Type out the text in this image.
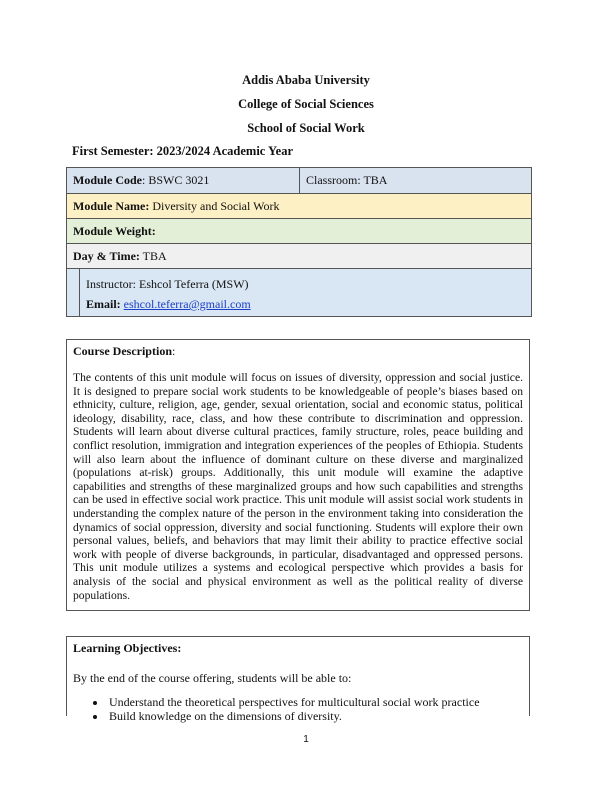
Addis Ababa University
College of Social Sciences
School of Social Work
First Semester: 2023/2024 Academic Year
Module Code : BSWC 3021	Classroom: TBA
Module Name: Diversity and Social Work
Module Weight:
Day & Time: TBA
Instructor: Eshcol Teferra (MSW)
Email: eshcol.teferra@gmail.com

Course Description:

The contents of this unit module will focus on issues of diversity, oppression and social justice. It is designed to prepare social work students to be knowledgeable of people’s biases based on ethnicity, culture, religion, age, gender, sexual orientation, social and economic status, political ideology, disability, race, class, and how these contribute to discrimination and oppression. Students will learn about diverse cultural practices, family structure, roles, peace building and conflict resolution, immigration and integration experiences of the peoples of Ethiopia. Students will also learn about the influence of dominant culture on these diverse and marginalized (populations at-risk) groups. Additionally, this unit module will examine the adaptive capabilities and strengths of these marginalized groups and how such capabilities and strengths can be used in effective social work practice. This unit module will assist social work students in understanding the complex nature of the person in the environment taking into consideration the dynamics of social oppression, diversity and social functioning. Students will explore their own personal values, beliefs, and behaviors that may limit their ability to practice effective social work with people of diverse backgrounds, in particular, disadvantaged and oppressed persons. This unit module utilizes a systems and ecological perspective which provides a basis for analysis of the social and physical environment as well as the political reality of diverse populations.

Learning Objectives:

By the end of the course offering, students will be able to:

• Understand the theoretical perspectives for multicultural social work practice
• Build knowledge on the dimensions of diversity.
1
